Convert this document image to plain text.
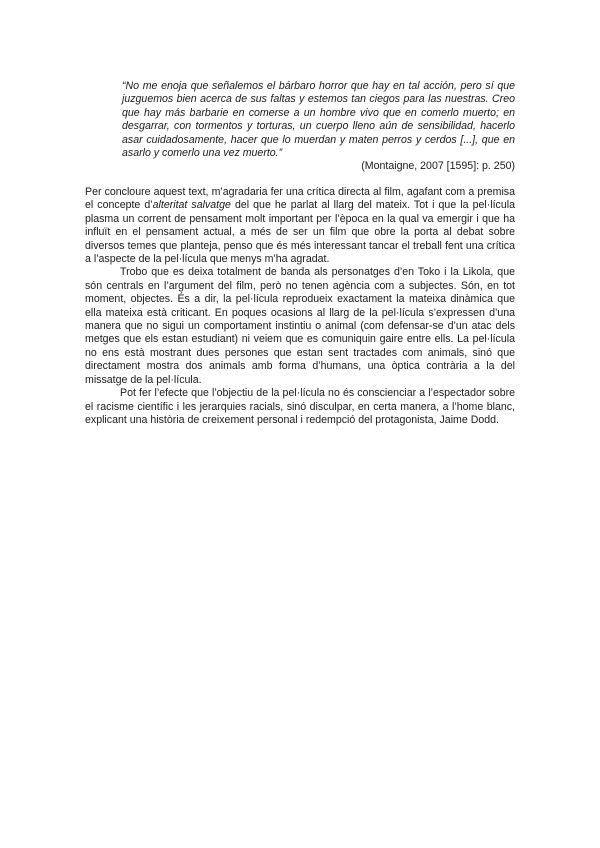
“No me enoja que señalemos el bárbaro horror que hay en tal acción, pero sí que juzguemos bien acerca de sus faltas y estemos tan ciegos para las nuestras. Creo que hay más barbarie en comerse a un hombre vivo que en comerlo muerto; en desgarrar, con tormentos y torturas, un cuerpo lleno aún de sensibilidad, hacerlo asar cuidadosamente, hacer que lo muerdan y maten perros y cerdos [...], que en asarlo y comerlo una vez muerto.”
(Montaigne, 2007 [1595]: p. 250)

Per concloure aquest text, m’agradaria fer una crítica directa al film, agafant com a premisa el concepte d’alteritat salvatge del que he parlat al llarg del mateix. Tot i que la pel·lícula plasma un corrent de pensament molt important per l’època en la qual va emergir i que ha influït en el pensament actual, a més de ser un film que obre la porta al debat sobre diversos temes que planteja, penso que és més interessant tancar el treball fent una crítica a l’aspecte de la pel·lícula que menys m’ha agradat.

Trobo que es deixa totalment de banda als personatges d’en Toko i la Likola, que són centrals en l’argument del film, però no tenen agència com a subjectes. Són, en tot moment, objectes. És a dir, la pel·lícula reprodueix exactament la mateixa dinàmica que ella mateixa està criticant. En poques ocasions al llarg de la pel·lícula s’expressen d’una manera que no sigui un comportament instintiu o animal (com defensar-se d’un atac dels metges que els estan estudiant) ni veiem que es comuniquin gaire entre ells. La pel·lícula no ens està mostrant dues persones que estan sent tractades com animals, sinó que directament mostra dos animals amb forma d’humans, una òptica contrària a la del missatge de la pel·lícula.

Pot fer l’efecte que l’objectiu de la pel·lícula no és conscienciar a l’espectador sobre el racisme científic i les jerarquies racials, sinó disculpar, en certa manera, a l’home blanc, explicant una història de creixement personal i redempció del protagonista, Jaime Dodd.
